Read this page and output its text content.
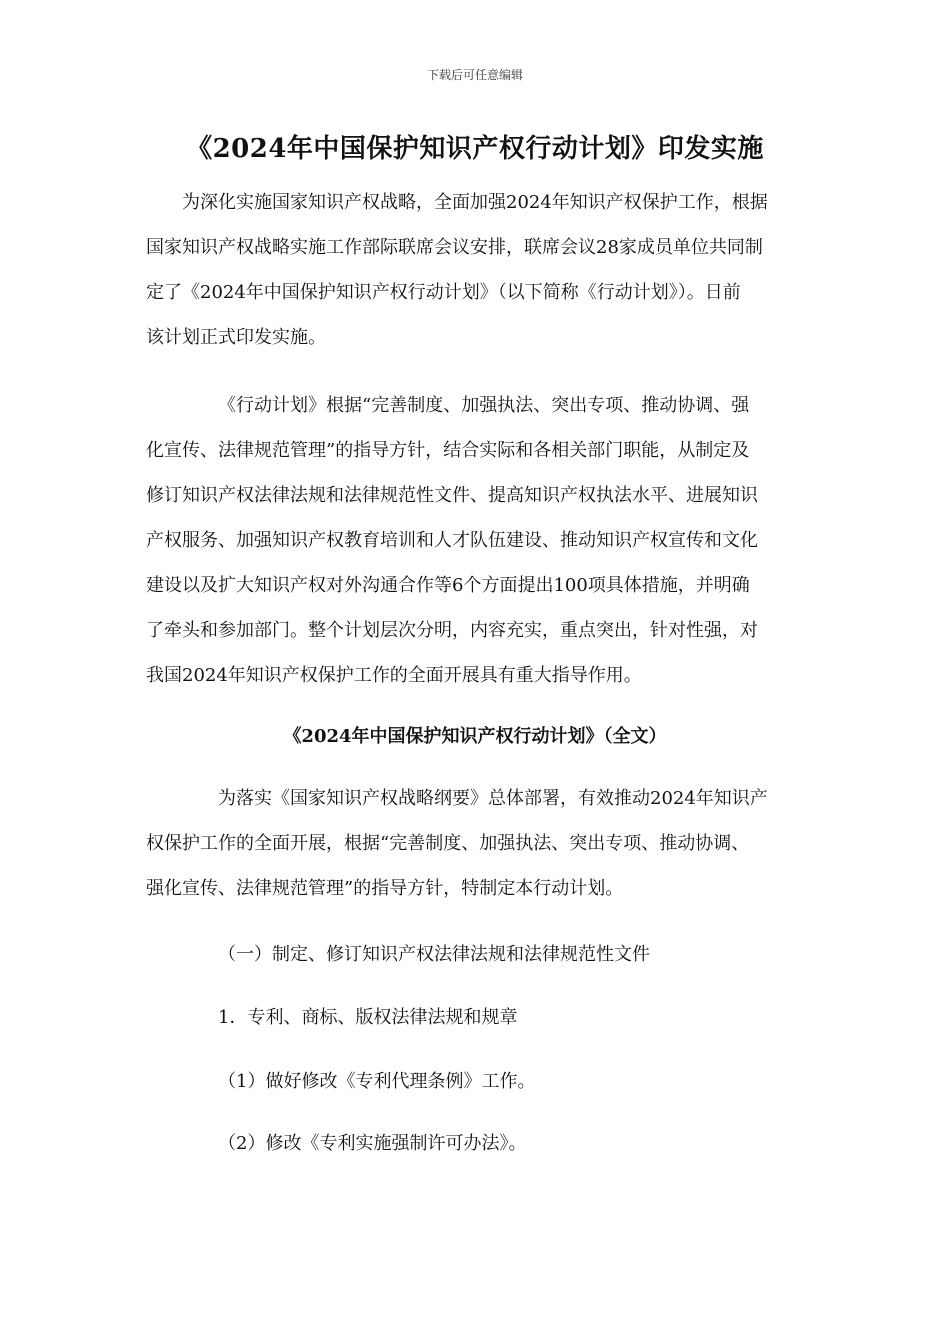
下载后可任意编辑
《2024年中国保护知识产权行动计划》印发实施
为深化实施国家知识产权战略，全面加强2024年知识产权保护工作，根据
国家知识产权战略实施工作部际联席会议安排，联席会议28家成员单位共同制
定了《2024年中国保护知识产权行动计划》（以下简称《行动计划》）。日前
该计划正式印发实施。
《行动计划》根据“完善制度、加强执法、突出专项、推动协调、强
化宣传、法律规范管理”的指导方针，结合实际和各相关部门职能，从制定及
修订知识产权法律法规和法律规范性文件、提高知识产权执法水平、进展知识
产权服务、加强知识产权教育培训和人才队伍建设、推动知识产权宣传和文化
建设以及扩大知识产权对外沟通合作等6个方面提出100项具体措施，并明确
了牵头和参加部门。整个计划层次分明，内容充实，重点突出，针对性强，对
我国2024年知识产权保护工作的全面开展具有重大指导作用。
《2024年中国保护知识产权行动计划》（全文）
为落实《国家知识产权战略纲要》总体部署，有效推动2024年知识产
权保护工作的全面开展，根据“完善制度、加强执法、突出专项、推动协调、
强化宣传、法律规范管理”的指导方针，特制定本行动计划。
（一）制定、修订知识产权法律法规和法律规范性文件
1．专利、商标、版权法律法规和规章
（1）做好修改《专利代理条例》工作。
（2）修改《专利实施强制许可办法》。
